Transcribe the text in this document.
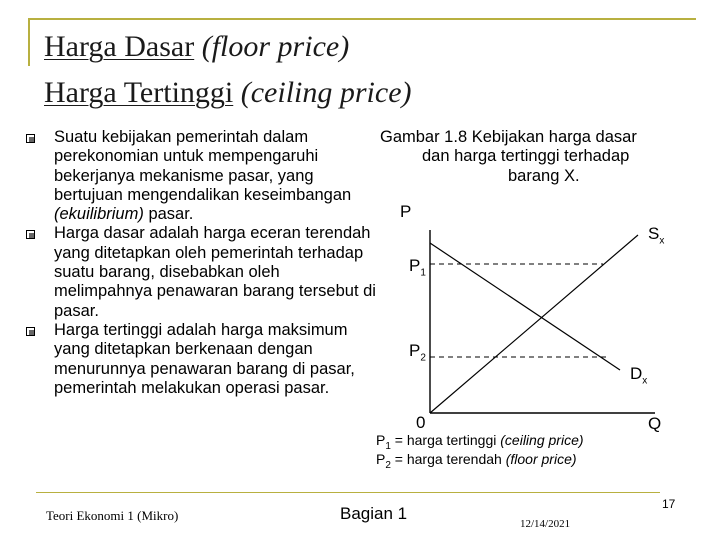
Harga Dasar (floor price)
Harga Tertinggi (ceiling price)
Suatu kebijakan pemerintah dalam perekonomian untuk mempengaruhi bekerjanya mekanisme pasar, yang bertujuan mengendalikan keseimbangan (ekuilibrium) pasar.
Harga dasar adalah harga eceran terendah yang ditetapkan oleh pemerintah terhadap suatu barang, disebabkan oleh melimpahnya penawaran barang tersebut di pasar.
Harga tertinggi adalah harga maksimum yang ditetapkan berkenaan dengan menurunnya penawaran barang di pasar, pemerintah melakukan operasi pasar.
Gambar 1.8 Kebijakan harga dasar
dan harga tertinggi terhadap
barang X.
P
$S_x$
$P_1$
$P_2$
$D_x$
0	Q
$P_1$ = harga tertinggi (ceiling price)
$P_2$ = harga terendah (floor price)
Teori Ekonomi 1 (Mikro)	Bagian 1
12/14/2021
17
